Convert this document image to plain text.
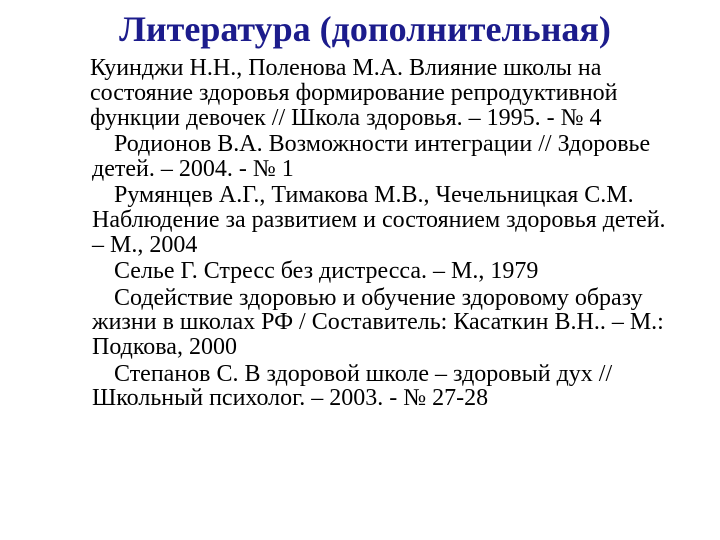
Литература (дополнительная)
Куинджи Н.Н., Поленова М.А. Влияние школы на состояние здоровья формирование репродуктивной функции девочек // Школа здоровья. – 1995. - № 4
Родионов В.А. Возможности интеграции // Здоровье детей. – 2004. - № 1
Румянцев А.Г., Тимакова М.В., Чечельницкая С.М. Наблюдение за развитием и состоянием здоровья детей. – М., 2004
Селье Г. Стресс без дистресса. – М., 1979
Содействие здоровью и обучение здоровому образу жизни в школах РФ / Составитель: Касаткин В.Н.. – М.: Подкова, 2000
Степанов С. В здоровой школе – здоровый дух // Школьный психолог. – 2003. - № 27-28
